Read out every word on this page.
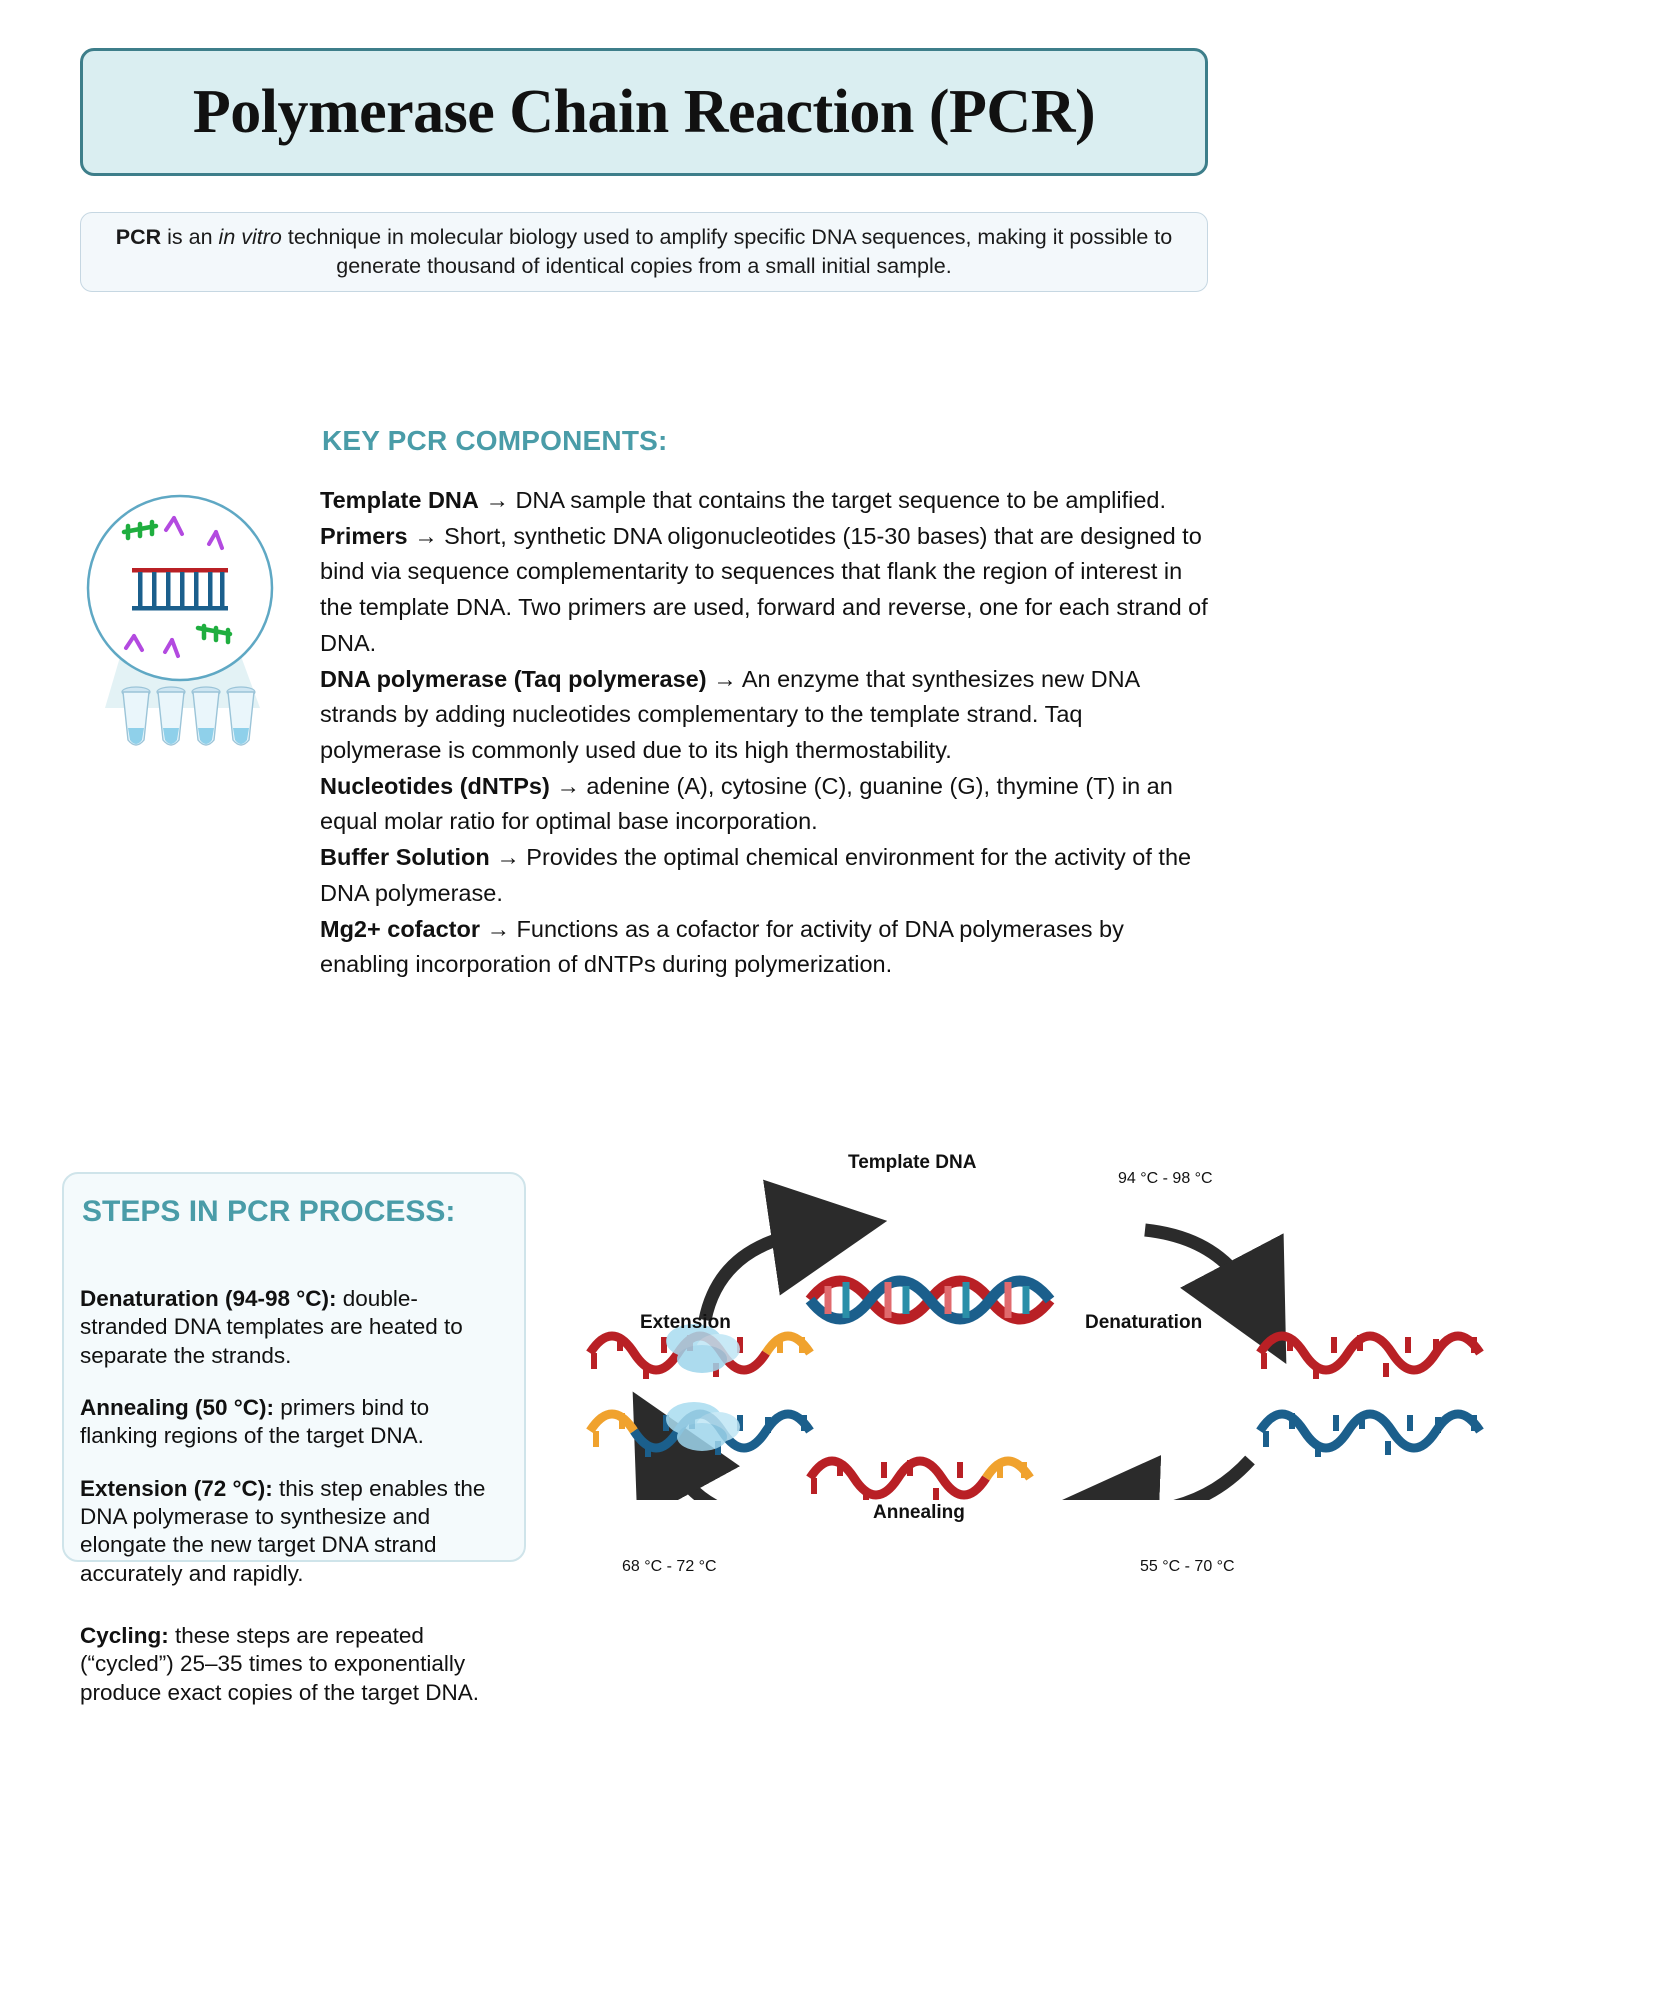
Polymerase Chain Reaction (PCR)
PCR is an in vitro technique in molecular biology used to amplify specific DNA sequences, making it possible to generate thousand of identical copies from a small initial sample.
KEY PCR COMPONENTS:

Template DNA → DNA sample that contains the target sequence to be amplified.

Primers → Short, synthetic DNA oligonucleotides (15-30 bases) that are designed to bind via sequence complementarity to sequences that flank the region of interest in the template DNA. Two primers are used, forward and reverse, one for each strand of DNA.

DNA polymerase (Taq polymerase) → An enzyme that synthesizes new DNA strands by adding nucleotides complementary to the template strand. Taq polymerase is commonly used due to its high thermostability.

Nucleotides (dNTPs) → adenine (A), cytosine (C), guanine (G), thymine (T) in an equal molar ratio for optimal base incorporation.

Buffer Solution → Provides the optimal chemical environment for the activity of the DNA polymerase.

Mg2+ cofactor → Functions as a cofactor for activity of DNA polymerases by enabling incorporation of dNTPs during polymerization.

STEPS IN PCR PROCESS:

Denaturation (94-98 °C): double-stranded DNA templates are heated to separate the strands.

Annealing (50 °C): primers bind to flanking regions of the target DNA.

Extension (72 °C): this step enables the DNA polymerase to synthesize and elongate the new target DNA strand accurately and rapidly.

Cycling: these steps are repeated (“cycled”) 25–35 times to exponentially produce exact copies of the target DNA.

Template DNA
Denaturation
Annealing
Extension
94 °C - 98 °C
55 °C - 70 °C
68 °C - 72 °C
